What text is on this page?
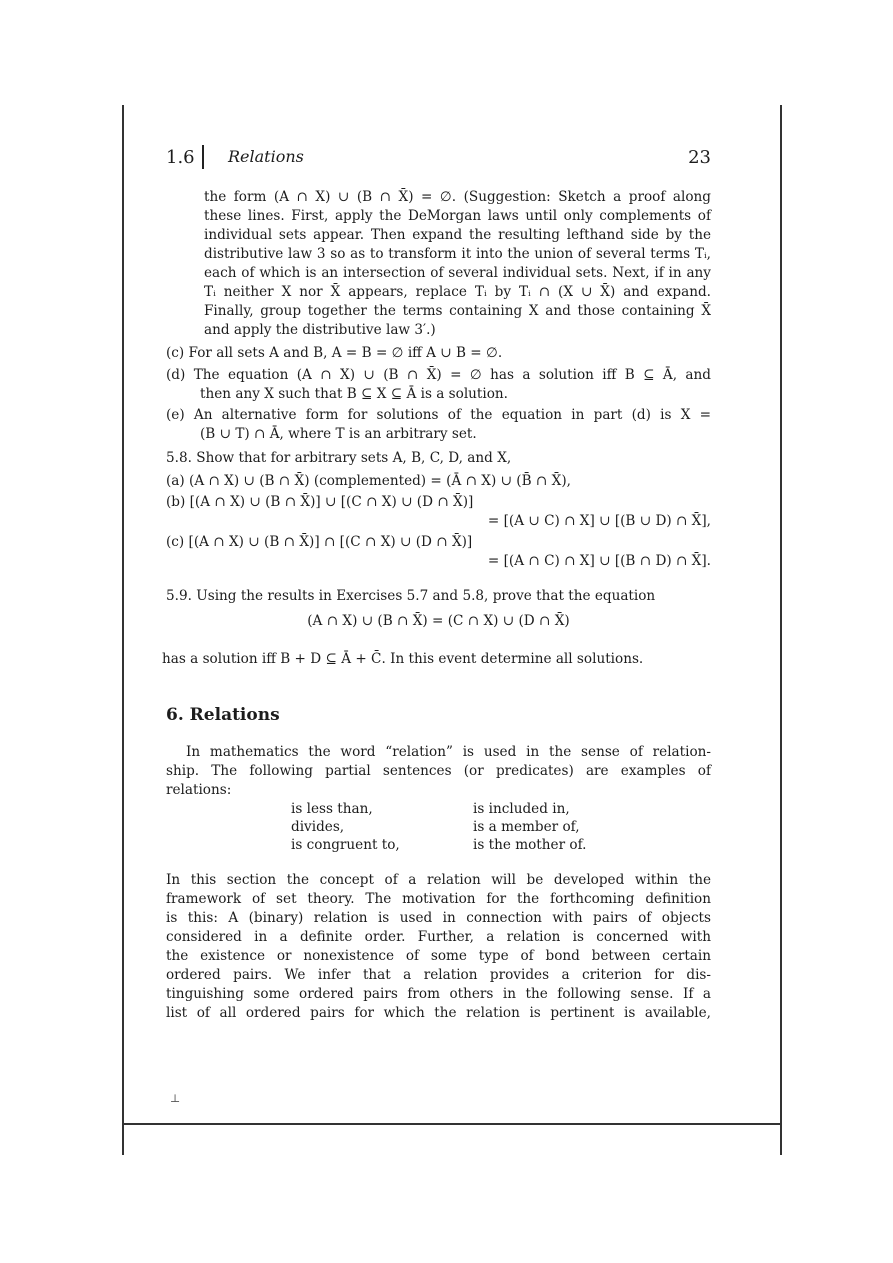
1.6 Relations	23
the form (A ∩ X) ∪ (B ∩ X̄) = ∅. (Suggestion: Sketch a proof along
these lines. First, apply the DeMorgan laws until only complements of
individual sets appear. Then expand the resulting lefthand side by the
distributive law 3 so as to transform it into the union of several terms Tᵢ,
each of which is an intersection of several individual sets. Next, if in any
Tᵢ neither X nor X̄ appears, replace Tᵢ by Tᵢ ∩ (X ∪ X̄) and expand.
Finally, group together the terms containing X and those containing X̄
and apply the distributive law 3′.)
(c) For all sets A and B, A = B = ∅ iff A ∪ B = ∅.
(d) The equation (A ∩ X) ∪ (B ∩ X̄) = ∅ has a solution iff B ⊆ Ā, and
then any X such that B ⊆ X ⊆ Ā is a solution.
(e) An alternative form for solutions of the equation in part (d) is X =
(B ∪ T) ∩ Ā, where T is an arbitrary set.
5.8. Show that for arbitrary sets A, B, C, D, and X,
(a) (A ∩ X) ∪ (B ∩ X̄) (complemented) = (Ā ∩ X) ∪ (B̄ ∩ X̄),
(b) [(A ∩ X) ∪ (B ∩ X̄)] ∪ [(C ∩ X) ∪ (D ∩ X̄)]
= [(A ∪ C) ∩ X] ∪ [(B ∪ D) ∩ X̄],
(c) [(A ∩ X) ∪ (B ∩ X̄)] ∩ [(C ∩ X) ∪ (D ∩ X̄)]
= [(A ∩ C) ∩ X] ∪ [(B ∩ D) ∩ X̄].
5.9. Using the results in Exercises 5.7 and 5.8, prove that the equation
(A ∩ X) ∪ (B ∩ X̄) = (C ∩ X) ∪ (D ∩ X̄)
has a solution iff B + D ⊆ Ā + C̄. In this event determine all solutions.
6. Relations
In mathematics the word “relation” is used in the sense of relation-
ship. The following partial sentences (or predicates) are examples of
relations:
is less than,
divides,
is congruent to,
is included in,
is a member of,
is the mother of.
In this section the concept of a relation will be developed within the
framework of set theory. The motivation for the forthcoming definition
is this: A (binary) relation is used in connection with pairs of objects
considered in a definite order. Further, a relation is concerned with
the existence or nonexistence of some type of bond between certain
ordered pairs. We infer that a relation provides a criterion for dis-
tinguishing some ordered pairs from others in the following sense. If a
list of all ordered pairs for which the relation is pertinent is available,
⊥
